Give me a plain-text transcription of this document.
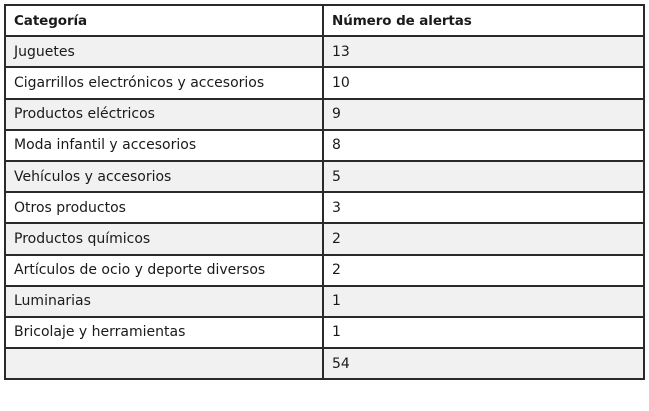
Categoría	Número de alertas
Juguetes	13
Cigarrillos electrónicos y accesorios	10
Productos eléctricos	9
Moda infantil y accesorios	8
Vehículos y accesorios	5
Otros productos	3
Productos químicos	2
Artículos de ocio y deporte diversos	2
Luminarias	1
Bricolaje y herramientas	1
	54
